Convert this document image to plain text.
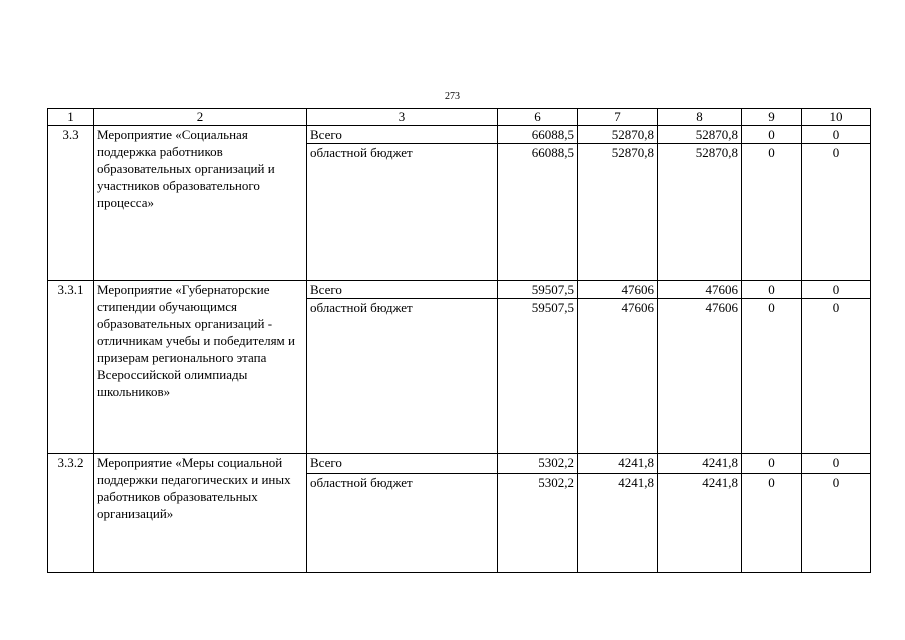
273
1	2	3	6	7	8	9	10
3.3	Мероприятие «Социальная поддержка работников образовательных организаций и участников образовательного процесса»	Всего	66088,5	52870,8	52870,8	0	0
		областной бюджет	66088,5	52870,8	52870,8	0	0
3.3.1	Мероприятие «Губернаторские стипендии обучающимся образовательных организаций - отличникам учебы и победителям и призерам регионального этапа Всероссийской олимпиады школьников»	Всего	59507,5	47606	47606	0	0
		областной бюджет	59507,5	47606	47606	0	0
3.3.2	Мероприятие «Меры социальной поддержки педагогических и иных работников образовательных организаций»	Всего	5302,2	4241,8	4241,8	0	0
		областной бюджет	5302,2	4241,8	4241,8	0	0
